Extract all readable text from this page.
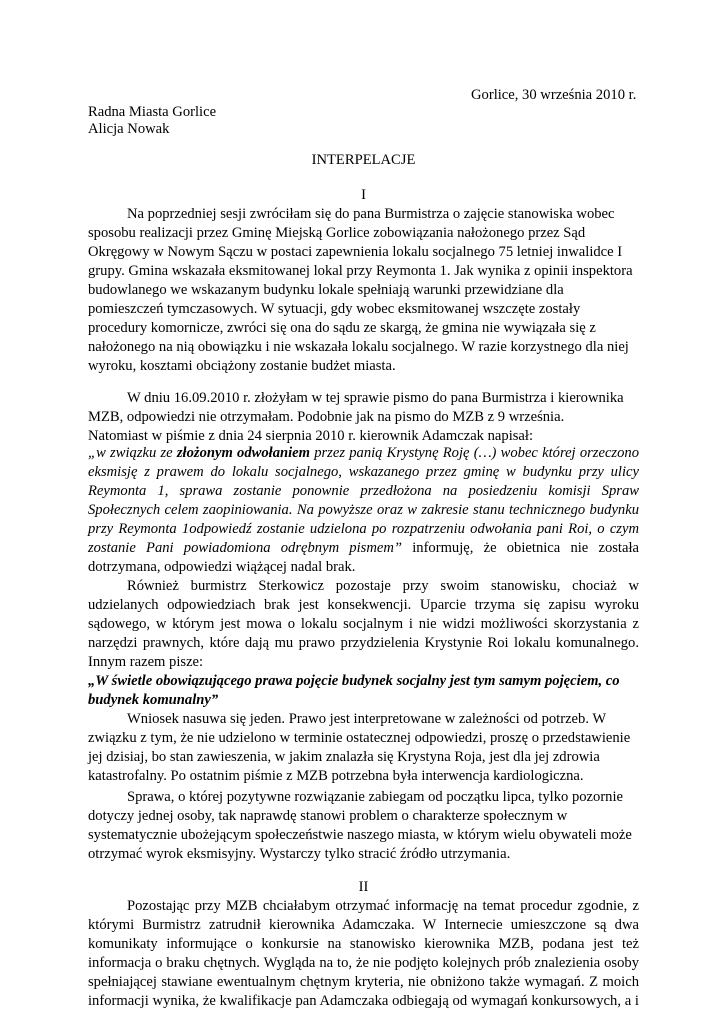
Gorlice, 30 września 2010 r.
Radna Miasta Gorlice
Alicja Nowak
INTERPELACJE
I
Na poprzedniej sesji zwróciłam się do pana Burmistrza o zajęcie stanowiska wobec
sposobu realizacji przez Gminę Miejską Gorlice zobowiązania nałożonego przez Sąd
Okręgowy w Nowym Sączu w postaci zapewnienia lokalu socjalnego 75 letniej inwalidce I
grupy. Gmina wskazała eksmitowanej lokal przy Reymonta 1. Jak wynika z opinii inspektora
budowlanego we wskazanym budynku lokale spełniają warunki przewidziane dla
pomieszczeń tymczasowych. W sytuacji, gdy wobec eksmitowanej wszczęte zostały
procedury komornicze, zwróci się ona do sądu ze skargą, że gmina nie wywiązała się z
nałożonego na nią obowiązku i nie wskazała lokalu socjalnego. W razie korzystnego dla niej
wyroku, kosztami obciążony zostanie budżet miasta.
W dniu 16.09.2010 r. złożyłam w tej sprawie pismo do pana Burmistrza i kierownika
MZB, odpowiedzi nie otrzymałam. Podobnie jak na pismo do MZB z 9 września.
Natomiast w piśmie z dnia 24 sierpnia 2010 r. kierownik Adamczak napisał:
„w związku ze złożonym odwołaniem przez panią Krystynę Roję (…) wobec której orzeczono
eksmisję z prawem do lokalu socjalnego, wskazanego przez gminę w budynku przy ulicy
Reymonta 1, sprawa zostanie ponownie przedłożona na posiedzeniu komisji Spraw
Społecznych celem zaopiniowania. Na powyższe oraz w zakresie stanu technicznego budynku
przy Reymonta 1odpowiedź zostanie udzielona po rozpatrzeniu odwołania pani Roi, o czym
zostanie Pani powiadomiona odrębnym pismem” informuję, że obietnica nie została
dotrzymana, odpowiedzi wiążącej nadal brak.
Również burmistrz Sterkowicz pozostaje przy swoim stanowisku, chociaż w
udzielanych odpowiedziach brak jest konsekwencji. Uparcie trzyma się zapisu wyroku
sądowego, w którym jest mowa o lokalu socjalnym i nie widzi możliwości skorzystania z
narzędzi prawnych, które dają mu prawo przydzielenia Krystynie Roi lokalu komunalnego.
Innym razem pisze:
„W świetle obowiązującego prawa pojęcie budynek socjalny jest tym samym pojęciem, co
budynek komunalny”
Wniosek nasuwa się jeden. Prawo jest interpretowane w zależności od potrzeb. W
związku z tym, że nie udzielono w terminie ostatecznej odpowiedzi, proszę o przedstawienie
jej dzisiaj, bo stan zawieszenia, w jakim znalazła się Krystyna Roja, jest dla jej zdrowia
katastrofalny. Po ostatnim piśmie z MZB potrzebna była interwencja kardiologiczna.
Sprawa, o której pozytywne rozwiązanie zabiegam od początku lipca, tylko pozornie
dotyczy jednej osoby, tak naprawdę stanowi problem o charakterze społecznym w
systematycznie ubożejącym społeczeństwie naszego miasta, w którym wielu obywateli może
otrzymać wyrok eksmisyjny. Wystarczy tylko stracić źródło utrzymania.
II
Pozostając przy MZB chciałabym otrzymać informację na temat procedur zgodnie, z
którymi Burmistrz zatrudnił kierownika Adamczaka. W Internecie umieszczone są dwa
komunikaty informujące o konkursie na stanowisko kierownika MZB, podana jest też
informacja o braku chętnych. Wygląda na to, że nie podjęto kolejnych prób znalezienia osoby
spełniającej stawiane ewentualnym chętnym kryteria, nie obniżono także wymagań. Z moich
informacji wynika, że kwalifikacje pan Adamczaka odbiegają od wymagań konkursowych, a i
